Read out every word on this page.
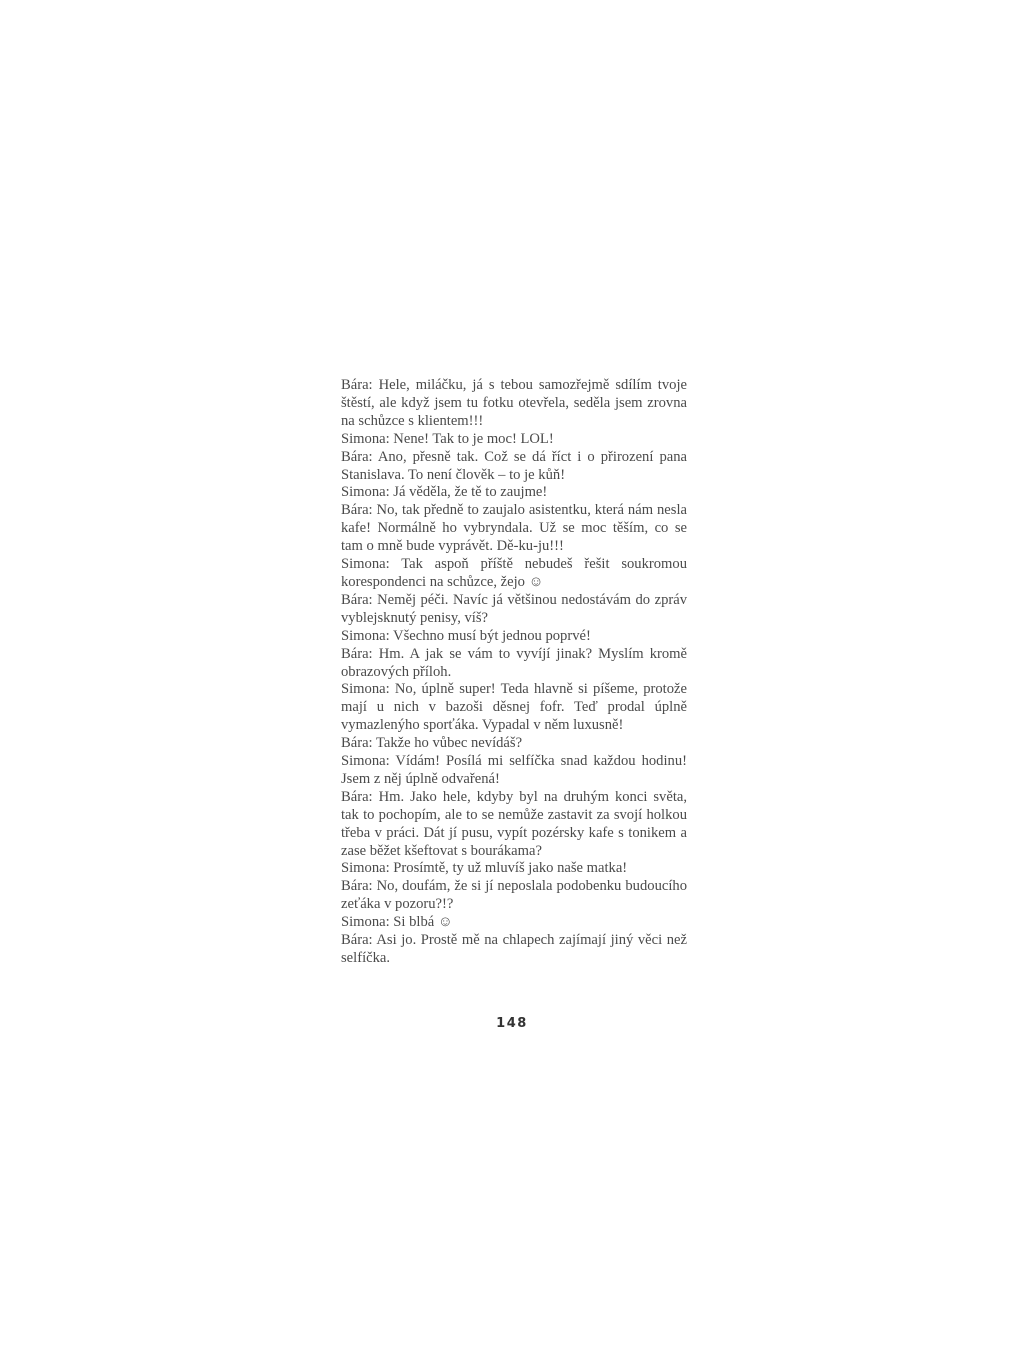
Bára: Hele, miláčku, já s tebou samozřejmě sdílím tvoje štěstí, ale když jsem tu fotku otevřela, seděla jsem zrovna na schůzce s klientem!!!

Simona: Nene! Tak to je moc! LOL!

Bára: Ano, přesně tak. Což se dá říct i o přirození pana Stanislava. To není člověk – to je kůň!

Simona: Já věděla, že tě to zaujme!

Bára: No, tak předně to zaujalo asistentku, která nám nesla kafe! Normálně ho vybryndala. Už se moc těším, co se tam o mně bude vyprávět. Dě-ku-ju!!!

Simona: Tak aspoň příště nebudeš řešit soukromou korespondenci na schůzce, žejo ☺

Bára: Neměj péči. Navíc já většinou nedostávám do zpráv vyblejsknutý penisy, víš?

Simona: Všechno musí být jednou poprvé!

Bára: Hm. A jak se vám to vyvíjí jinak? Myslím kromě obrazových příloh.

Simona: No, úplně super! Teda hlavně si píšeme, protože mají u nich v bazoši děsnej fofr. Teď prodal úplně vymazlenýho sporťáka. Vypadal v něm luxusně!

Bára: Takže ho vůbec nevídáš?

Simona: Vídám! Posílá mi selfíčka snad každou hodinu! Jsem z něj úplně odvařená!

Bára: Hm. Jako hele, kdyby byl na druhým konci světa, tak to pochopím, ale to se nemůže zastavit za svojí holkou třeba v práci. Dát jí pusu, vypít pozérsky kafe s tonikem a zase běžet kšeftovat s bourákama?

Simona: Prosímtě, ty už mluvíš jako naše matka!

Bára: No, doufám, že si jí neposlala podobenku budoucího zeťáka v pozoru?!?

Simona: Si blbá ☺

Bára: Asi jo. Prostě mě na chlapech zajímají jiný věci než selfíčka.

148
